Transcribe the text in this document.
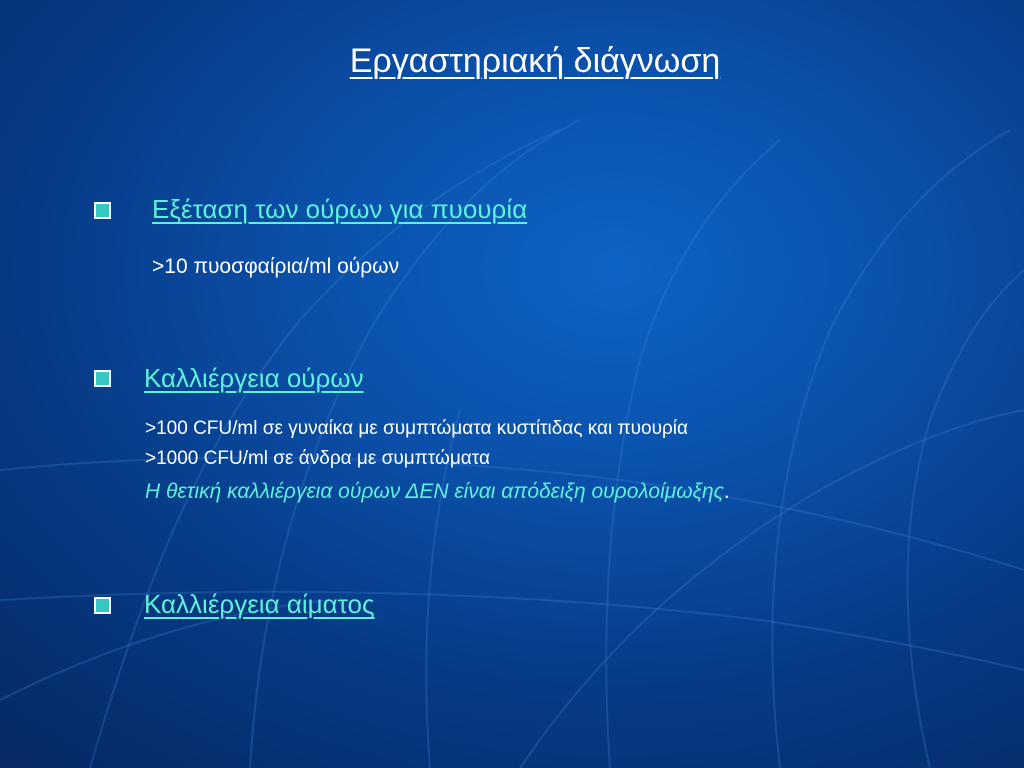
Εργαστηριακή διάγνωση
Εξέταση των ούρων για πυουρία
>10 πυοσφαίρια/ml ούρων
Καλλιέργεια ούρων
>100 CFU/ml σε γυναίκα με συμπτώματα κυστίτιδας και πυουρία
>1000 CFU/ml σε άνδρα με συμπτώματα
Η θετική καλλιέργεια ούρων ΔΕΝ είναι απόδειξη ουρολοίμωξης.
Καλλιέργεια αίματος
